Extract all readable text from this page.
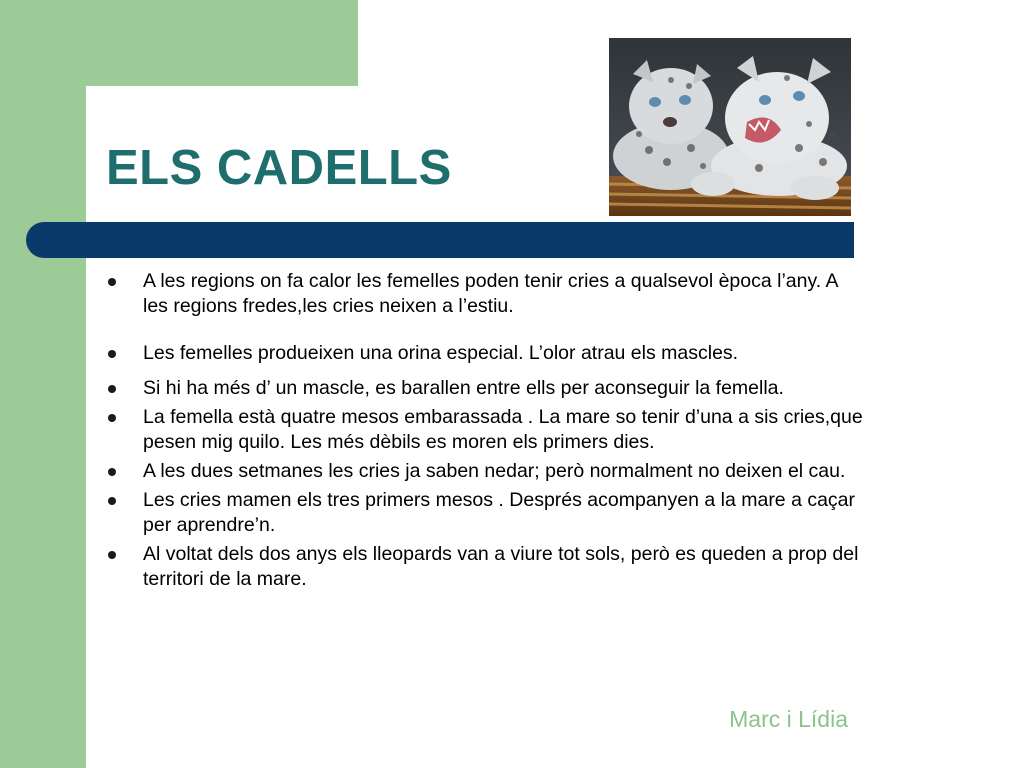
ELS CADELLS
A les regions on fa calor les femelles poden tenir cries a qualsevol època l’any. A les regions fredes,les cries neixen a l’estiu.
Les femelles produeixen una orina especial. L’olor atrau els mascles.
Si hi ha més d’ un mascle, es barallen entre ells per aconseguir la femella.
La femella està quatre mesos embarassada . La mare so tenir d’una a sis cries,que pesen mig quilo. Les més dèbils es moren els primers dies.
A les dues setmanes les cries ja saben nedar; però normalment no deixen el cau.
Les cries mamen els tres primers mesos . Després acompanyen a la mare a caçar per aprendre’n.
Al voltat dels dos anys els lleopards van a viure tot sols, però es queden a prop del territori de la mare.
Marc i Lídia
